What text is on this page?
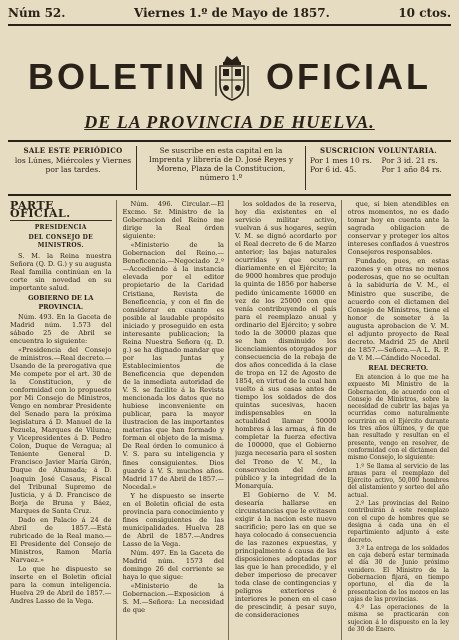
Núm 52.	Viernes 1.º de Mayo de 1857.	10 ctos.
BOLETIN OFICIAL
DE LA PROVINCIA DE HUELVA.
SALE ESTE PERIÓDICO
los Lúnes, Miércoles y Viernes por las tardes.
Se suscribe en esta capital en la Imprenta y librería de D. José Reyes y Moreno, Plaza de la Constitucion, número 1.º
SUSCRICION VOLUNTARIA.
Por 1 mes 10 rs.	Por 3 id. 21 rs.
Por 6 id. 45.	Por 1 año 84 rs.
PARTE OFICIAL.
PRESIDENCIA
DEL CONSEJO DE MINISTROS.

S. M. la Reina nuestra Señora (Q. D. G.) y su augusta Real familia continúan en la corte sin novedad en su importante salud.

GOBIERNO DE LA PROVINCIA.

Núm. 493. En la Gaceta de Madrid núm. 1.573 del sábado 25 de Abril se encuentra lo siguiente:

«Presidencia del Consejo de ministros.—Real decreto.—Usando de la prerogativa que Me compete por el art. 30 de la Constitucion, y de conformidad con lo propuesto por Mi Consejo de Ministros, Vengo en nombrar Presidente del Senado para la próxima legislatura á D. Manuel de la Pezuela, Marques de Viluma; y Vicepresidentes á D. Pedro Colon, Duque de Veragua; al Teniente General D. Francisco Javier María Girón, Duque de Ahumada; á D. Joaquin José Casaus, Fiscal del Tribunal Supremo de Justicia, y á D. Francisco de Borja de Bruna y Báez, Marques de Santa Cruz.

Dado en Palacio á 24 de Abril de 1857.—Está rubricado de la Real mano.—El Presidente del Consejo de Ministros, Ramon María Narvaez.»

Lo que he dispuesto se inserte en el Boletin oficial para la comun inteligencia. Huelva 29 de Abril de 1857.—Andres Lasso de la Vega.

Núm. 496. Circular.—El Excmo. Sr. Ministro de la Gobernacion del Reino me dirige la Real órden siguiente:

«Ministerio de la Gobernacion del Reino.—Beneficencia.—Negociado 2.º—Accediendo á la instancia elevada por el editor propietario de la Caridad Cristiana, Revista de Beneficencia, y con el fin de considerar en cuanto es posible al laudable propósito iniciado y proseguido en esta interesante publicacion; la Reina Nuestra Señora (q. D. g.) se ha dignado mandar que por las Juntas y Establecimientos de Beneficencia que dependen de la inmediata autoridad de V. S. se facilite á la Revista mencionada los datos que no hubiese inconveniente en publicar, para la mayor ilustracion de las importantes materias que han formado y forman el objeto de la misma. De Real órden lo comunico á V. S. para su inteligencia y fines consiguientes. Dios guarde á V. S. muchos años. Madrid 17 de Abril de 1857.—Nocedal.»

Y he dispuesto se inserte en el Boletin oficial de esta provincia para conocimiento y fines consiguientes de las municipalidades. Huelva 28 de Abril de 1857.—Andres Lasso de la Vega.

Núm. 497. En la Gaceta de Madrid núm. 1573 del domingo 26 del corriente se haya lo que sigue:

«Ministerio de la Gobernacion.—Exposicion á S. M.—Señora: La necesidad de que

los soldados de la reserva, hoy dia existentes en el servicio militar activo, vuelvan á sus hogares, según V. M. se dignó acordarlo por el Real decreto de 6 de Marzo anterior; las bajas naturales ocurridas y que ocurran diariamente en el Ejército; la de 9000 hombres que produjo la quinta de 1856 por haberse pedido únicamente 16000 en vez de los 25000 con que venía contribuyendo el país para el reemplazo anual y ordinario del Ejército; y sobre todo la de 30000 plazas que se han disminuido los licenciamientos otorgados por consecuencia de la rebaja de dos años concedida á la clase de tropa en 12 de Agosto de 1854, en virtud de la cual han vuelto á sus casas antes de tiempo los soldados de dos quintas sucesivas, hacen indispensables en la actualidad llamar 50000 hombres á las armas, á fin de completar la fuerza efectiva de 100000, que el Gobierno juzga necesaria para el sosten del Trono de V. M., la conservacion del órden público y la integridad de la Monarquía.

El Gobierno de V. M. desearía hallarse en circunstancias que le evitasen exigir á la nacion este nuevo sacrificio; pero las en que se haya colocado á consecuencia de las razones expuestas, y principalmente á causa de las disposiciones adoptadas por las que le han precedido, y el deber imperioso de precaver toda clase de contingencias y peligros exteriores é interiores le ponen en el caso de prescindir, á pesar suyo, de consideraciones

que, si bien atendibles en otros momentos, no es dado tomar hoy en cuenta ante la sagrada obligacion de conservar y proteger los altos intereses confiados á vuestros Consejeros responsables.

Fundado, pues, en estas razones y en otras no menos poderosas, que no se ocultan á la sabiduría de V. M., el Ministro que suscribe, de acuerdo con el dictamen del Consejo de Ministros, tiene el honor de someter á la augusta aprobacion de V. M. el adjunto proyecto de Real decreto. Madrid 25 de Abril de 1857.—Señora.—A L. R. P. de V. M.—Cándido Nocedal.

REAL DECRETO.

En atencion á lo que me ha expuesto Mi Ministro de la Gobernacion, de acuerdo con el Consejo de Ministros, sobre la necesidad de cubrir las bajas ya ocurridas como naturalmente ocurrirán en el Ejército durante los tres años últimos, y de que han resultado y resultan en el presente, vengo en resolver, de conformidad con el dictámen del mismo Consejo, lo siguiente:

1.º Se llama al servicio de las armas para el reemplazo del Ejército activo, 50,000 hombres del alistamiento y sorteo del año actual.

2.º Las provincias del Reino contribuirán á este reemplazo con el cupo de hombres que se designa á cada una en el repartimiento adjunto á este decreto.

3.º La entrega de los soldados en caja deberá estar terminada el día 30 de Junio próximo venidero. El Ministro de la Gobernacion fijará, en tiempo oportuno, el dia de la presentacion de los mozos en las cajas de las provincias.

4.º Las operaciones de la misma se practicarán con sujecion á lo dispuesto en la ley de 30 de Enero.
